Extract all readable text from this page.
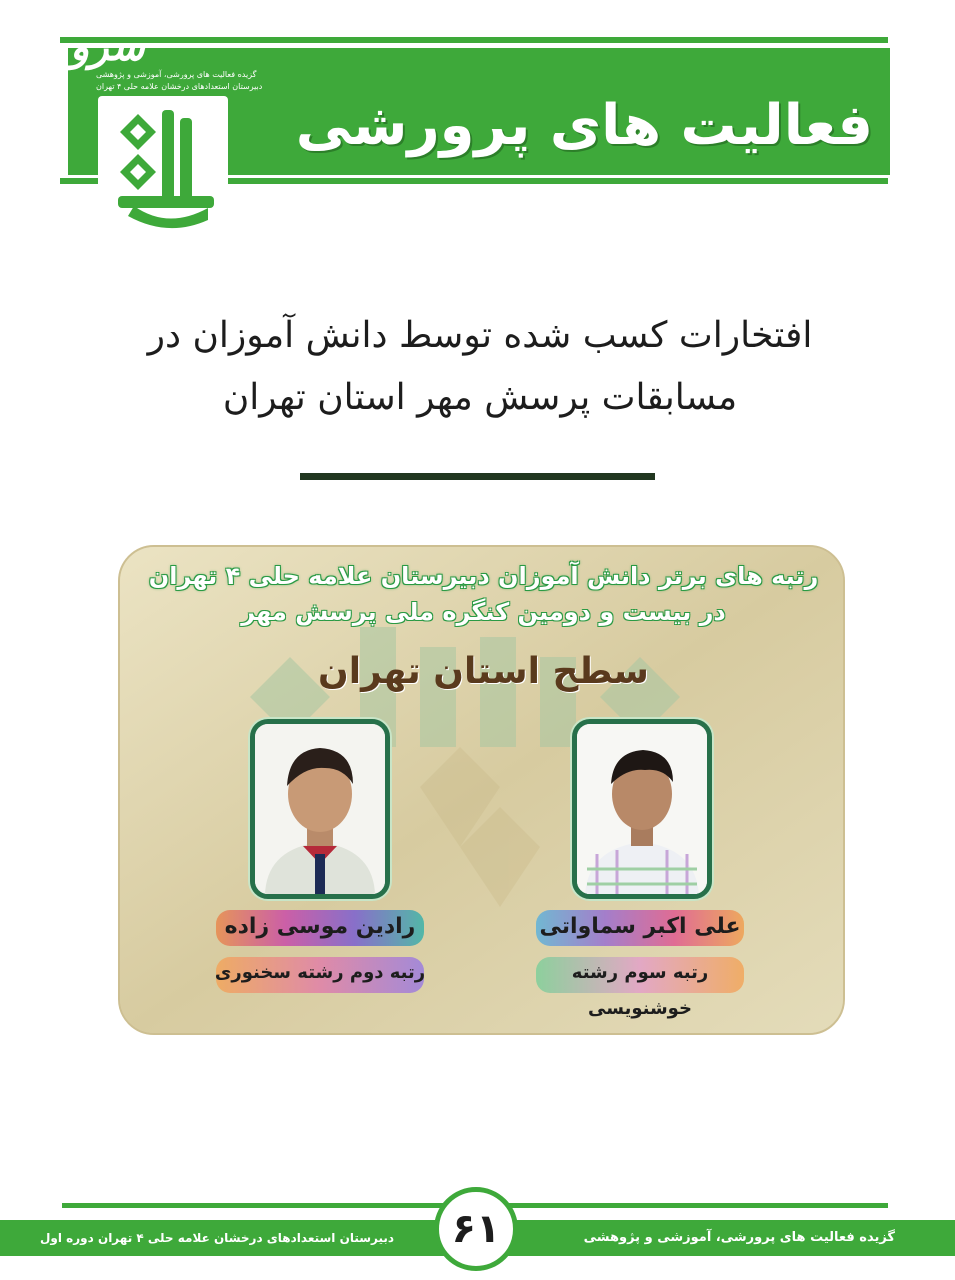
سرو
گزیده فعالیت های پرورشی، آموزشی و پژوهشی
دبیرستان استعدادهای درخشان علامه حلی ۴ تهران
فعالیت های پرورشی
افتخارات کسب شده توسط دانش آموزان در
مسابقات پرسش مهر استان تهران
رتبه های برتر دانش آموزان دبیرستان علامه حلی ۴ تهران
در بیست و دومین کنگره ملی پرسش مهر
سطح استان تهران
رادین موسی زاده
رتبه دوم رشته سخنوری
علی اکبر سماواتی
رتبه سوم رشته خوشنویسی
گزیده فعالیت های پرورشی، آموزشی و پژوهشی
دبیرستان استعدادهای درخشان علامه حلی ۴ تهران دوره اول	۶۱
